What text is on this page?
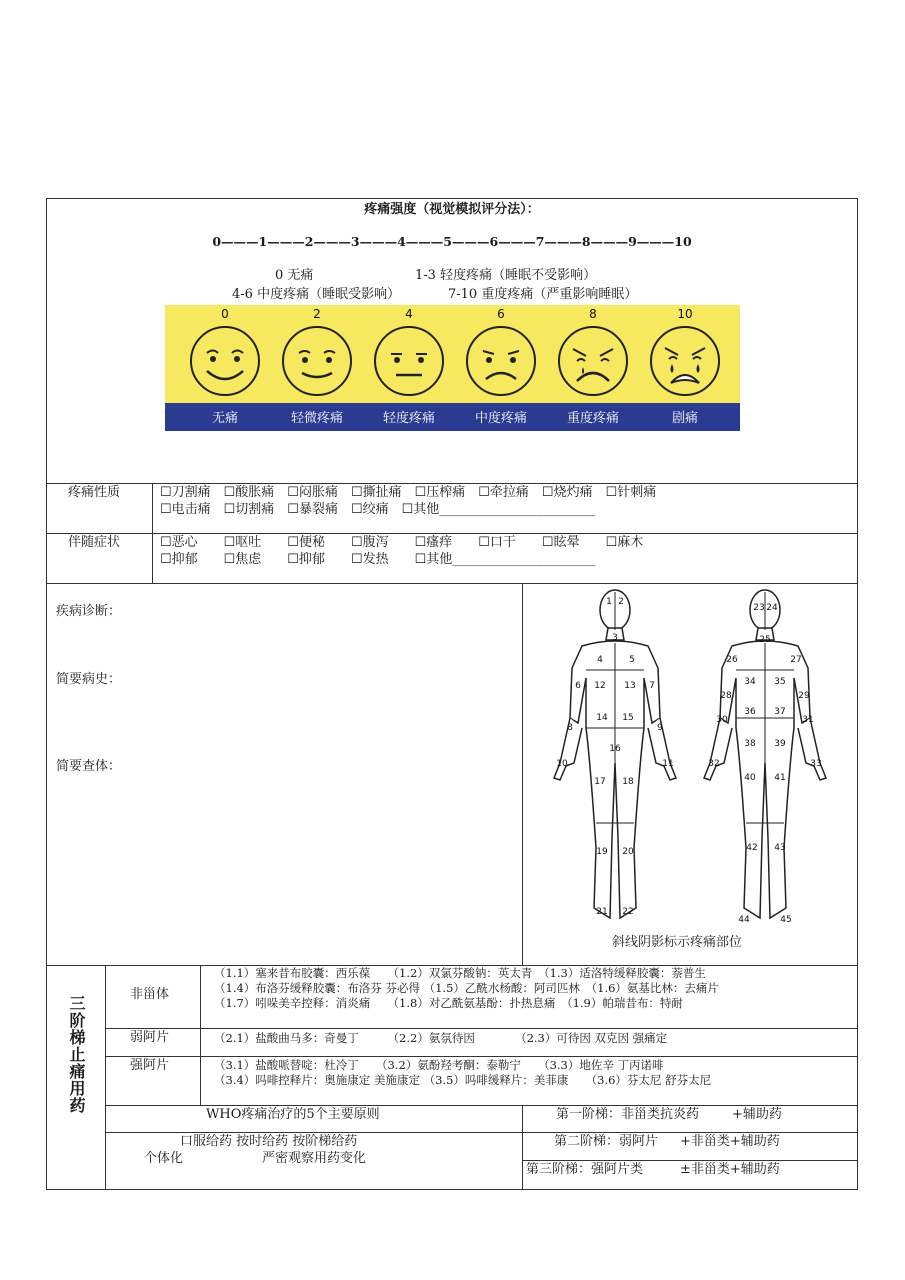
疼痛强度（视觉模拟评分法）：
0———1———2———3———4———5———6———7———8———9———10
0 无痛	1-3 轻度疼痛（睡眠不受影响）
4-6 中度疼痛（睡眠受影响）	7-10 重度疼痛（严重影响睡眠）
0
无痛
2
轻微疼痛
4
轻度疼痛
6
中度疼痛
8
重度疼痛
10
剧痛
疼痛性质	☐刀割痛　☐酸胀痛　☐闷胀痛　☐撕扯痛　☐压榨痛　☐牵拉痛　☐烧灼痛　☐针刺痛
☐电击痛　☐切割痛　☐暴裂痛　☐绞痛　☐其他________________________
伴随症状	☐恶心　　☐呕吐　　☐便秘　　☐腹泻　　☐瘙痒　　☐口干　　☐眩晕　　☐麻木
☐抑郁　　☐焦虑　　☐抑郁　　☐发热　　☐其他______________________
疾病诊断：
简要病史：
简要查体：
1 2
3
4	5
6	7
8	9
10	11
12 13
14 15
16
17 18
19 20
21 22
23 24
25
26	27
28	29
30	31
32	33
34 35
36 37
38 39
40 41
42 43
44	45
斜线阴影标示疼痛部位
三阶梯止痛用药
非甾体
（1.1）塞来昔布胶囊：西乐葆　　（1.2）双氯芬酸钠：英太青　（1.3）适洛特缓释胶囊：萘普生
（1.4）布洛芬缓释胶囊：布洛芬 芬必得 （1.5）乙酰水杨酸：阿司匹林　（1.6）氨基比林：去痛片
（1.7）吲哚美辛控释：消炎痛　　（1.8）对乙酰氨基酚：扑热息痛　（1.9）帕瑞昔布：特耐
弱阿片	（2.1）盐酸曲马多：奇曼丁　　　（2.2）氨氛待因　　　　（2.3）可待因 双克因 强痛定
强阿片	（3.1）盐酸哌替啶：杜冷丁　　（3.2）氨酚羟考酮：泰勒宁　　（3.3）地佐辛 丁丙诺啡
（3.4）吗啡控释片：奥施康定 美施康定 （3.5）吗啡缓释片：美菲康　　（3.6）芬太尼 舒芬太尼
WHO疼痛治疗的5个主要原则
口服给药 按时给药 按阶梯给药
个体化	严密观察用药变化
第一阶梯：非甾类抗炎药	+辅助药
第二阶梯：弱阿片 +非甾类+辅助药
第三阶梯：强阿片类	±非甾类+辅助药
